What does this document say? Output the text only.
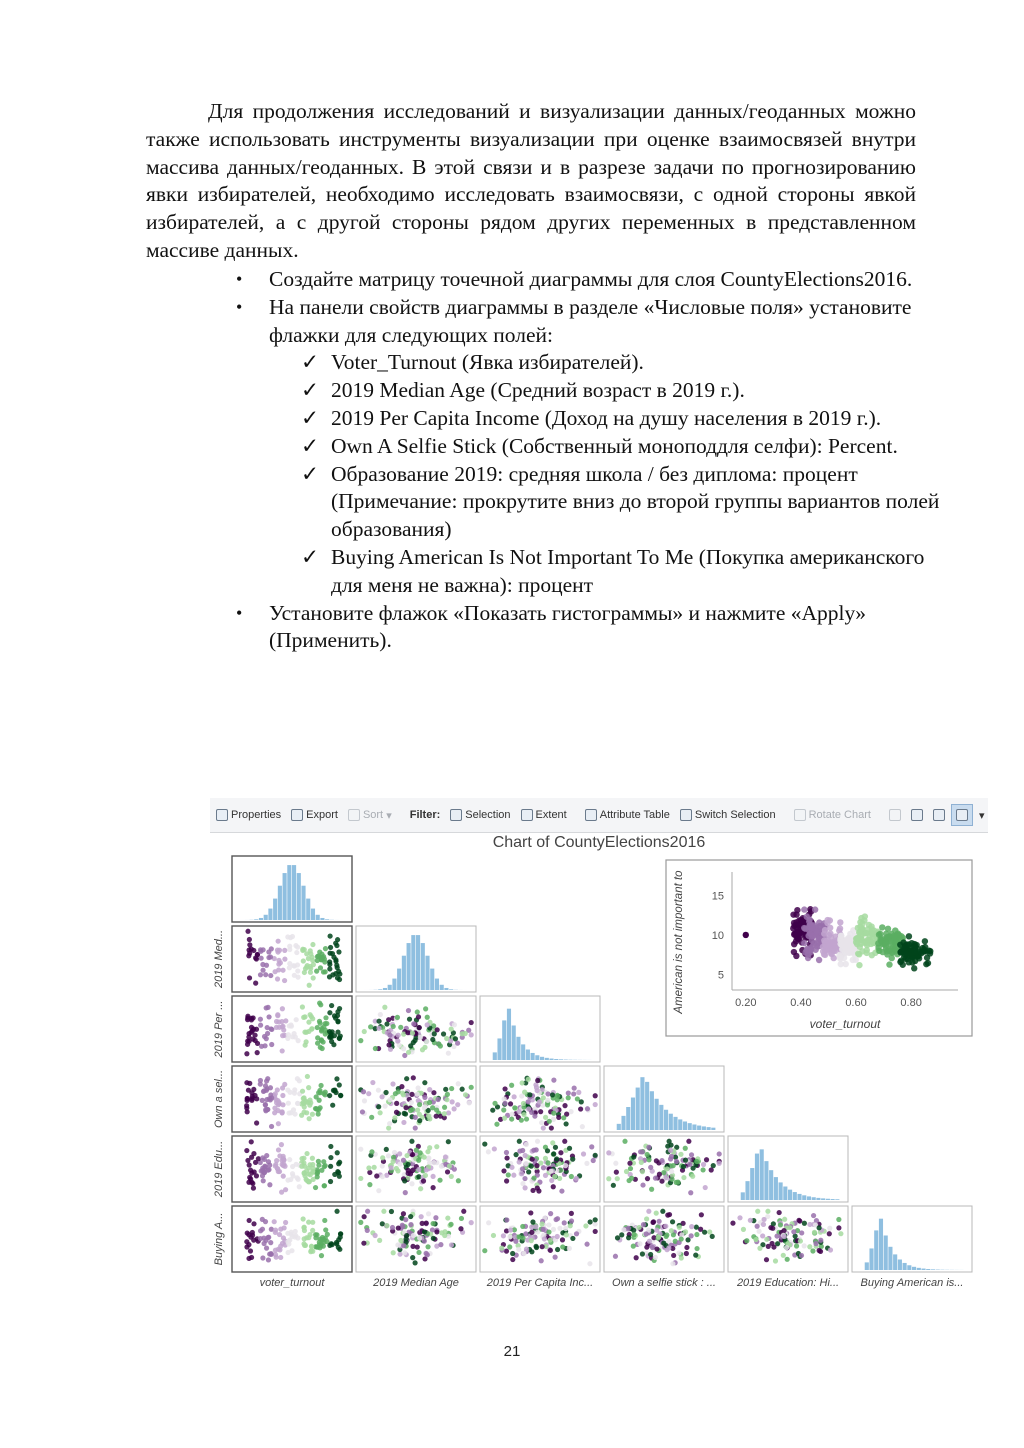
Для продолжения исследований и визуализации данных/геоданных можно также использовать инструменты визуализации при оценке взаимосвязей внутри массива данных/геоданных. В этой связи и в разрезе задачи по прогнозированию явки избирателей, необходимо исследовать взаимосвязи, с одной стороны явкой избирателей, а с другой стороны рядом других переменных в представленном массиве данных.
• Создайте матрицу точечной диаграммы для слоя CountyElections2016.
• На панели свойств диаграммы в разделе «Числовые поля» установите флажки для следующих полей:
✓ Voter_Turnout (Явка избирателей).
✓ 2019 Median Age (Средний возраст в 2019 г.).
✓ 2019 Per Capita Income (Доход на душу населения в 2019 г.).
✓ Own A Selfie Stick (Собственный моноподдля селфи): Percent.
✓ Образование 2019: средняя школа / без диплома: процент (Примечание: прокрутите вниз до второй группы вариантов полей образования)
✓ Buying American Is Not Important To Me (Покупка американского для меня не важна): процент
• Установите флажок «Показать гистограммы» и нажмите «Apply» (Применить).
Properties Export Sort
▾	Filter:	Selection Extent	Attribute Table Switch Selection	Rotate Chart	▾
Chart of CountyElections2016
voter_turnout	2019 Median Age	2019 Per Capita Inc... Own a selfie stick : ... 2019 Education: Hi... Buying American is...
2019 Med...
2019 Per ...
Own a sel...
2019 Edu...
Buying A...
0.20	0.40	0.60	0.80
5
10
15
voter_turnout
American is not important to
21
